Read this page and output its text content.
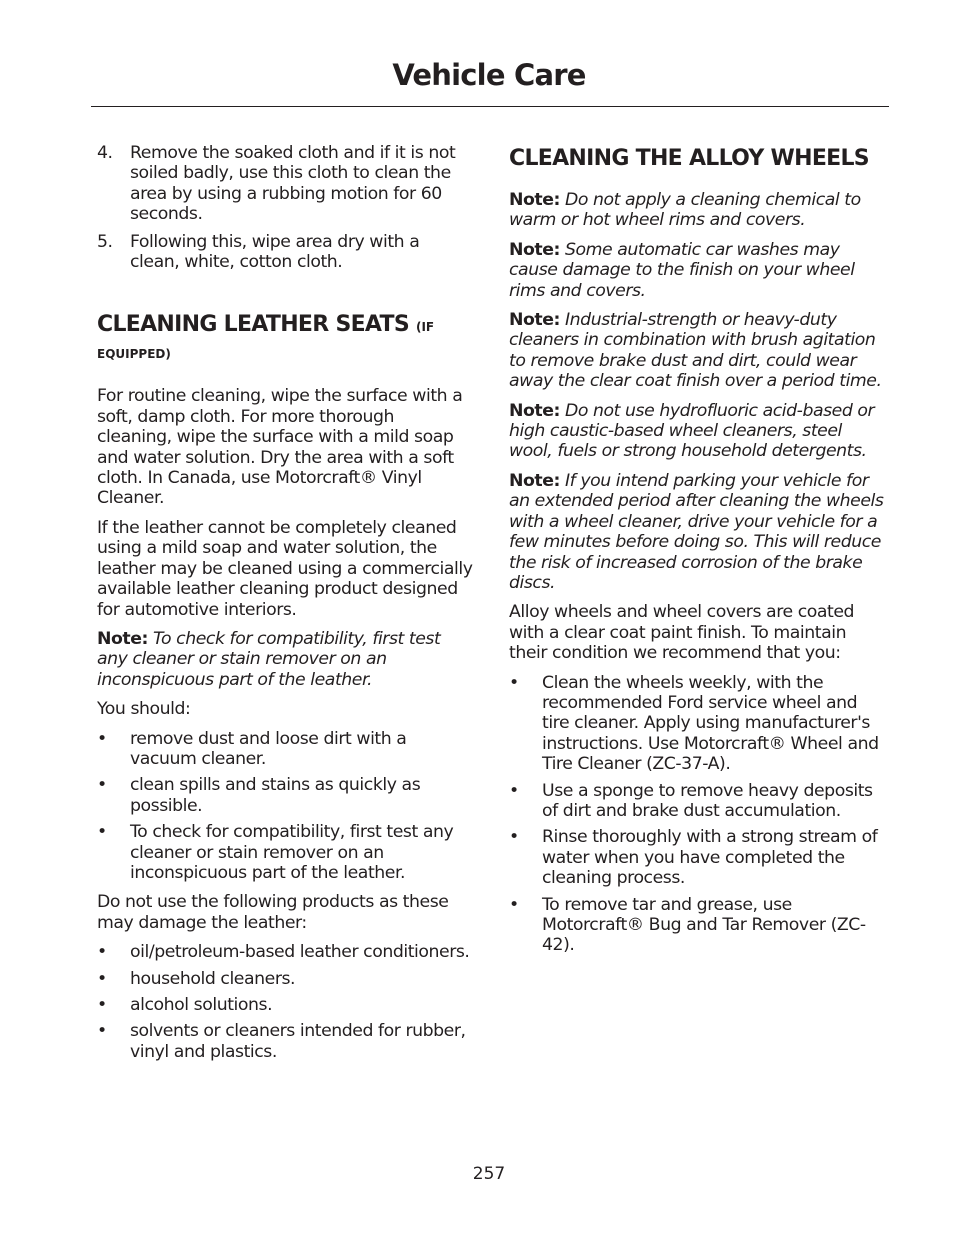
Vehicle Care
4. Remove the soaked cloth and if it is not soiled badly, use this cloth to clean the area by using a rubbing motion for 60 seconds.
5. Following this, wipe area dry with a clean, white, cotton cloth.
CLEANING LEATHER SEATS (IF
EQUIPPED)

For routine cleaning, wipe the surface with a soft, damp cloth. For more thorough cleaning, wipe the surface with a mild soap and water solution. Dry the area with a soft cloth. In Canada, use Motorcraft® Vinyl Cleaner.

If the leather cannot be completely cleaned using a mild soap and water solution, the leather may be cleaned using a commercially available leather cleaning product designed for automotive interiors.

Note: To check for compatibility, first test any cleaner or stain remover on an inconspicuous part of the leather.

You should:

• remove dust and loose dirt with a vacuum cleaner.
• clean spills and stains as quickly as possible.
• To check for compatibility, first test any cleaner or stain remover on an inconspicuous part of the leather.

Do not use the following products as these may damage the leather:

• oil/petroleum-based leather conditioners.
• household cleaners.
• alcohol solutions.
• solvents or cleaners intended for rubber, vinyl and plastics.
CLEANING THE ALLOY WHEELS

Note: Do not apply a cleaning chemical to warm or hot wheel rims and covers.

Note: Some automatic car washes may cause damage to the finish on your wheel rims and covers.

Note: Industrial-strength or heavy-duty cleaners in combination with brush agitation to remove brake dust and dirt, could wear away the clear coat finish over a period time.

Note: Do not use hydrofluoric acid-based or high caustic-based wheel cleaners, steel wool, fuels or strong household detergents.

Note: If you intend parking your vehicle for an extended period after cleaning the wheels with a wheel cleaner, drive your vehicle for a few minutes before doing so. This will reduce the risk of increased corrosion of the brake discs.

Alloy wheels and wheel covers are coated with a clear coat paint finish. To maintain their condition we recommend that you:

• Clean the wheels weekly, with the recommended Ford service wheel and tire cleaner. Apply using manufacturer's instructions. Use Motorcraft® Wheel and Tire Cleaner (ZC-37-A).
• Use a sponge to remove heavy deposits of dirt and brake dust accumulation.
• Rinse thoroughly with a strong stream of water when you have completed the cleaning process.
• To remove tar and grease, use Motorcraft® Bug and Tar Remover (ZC-42).
257
